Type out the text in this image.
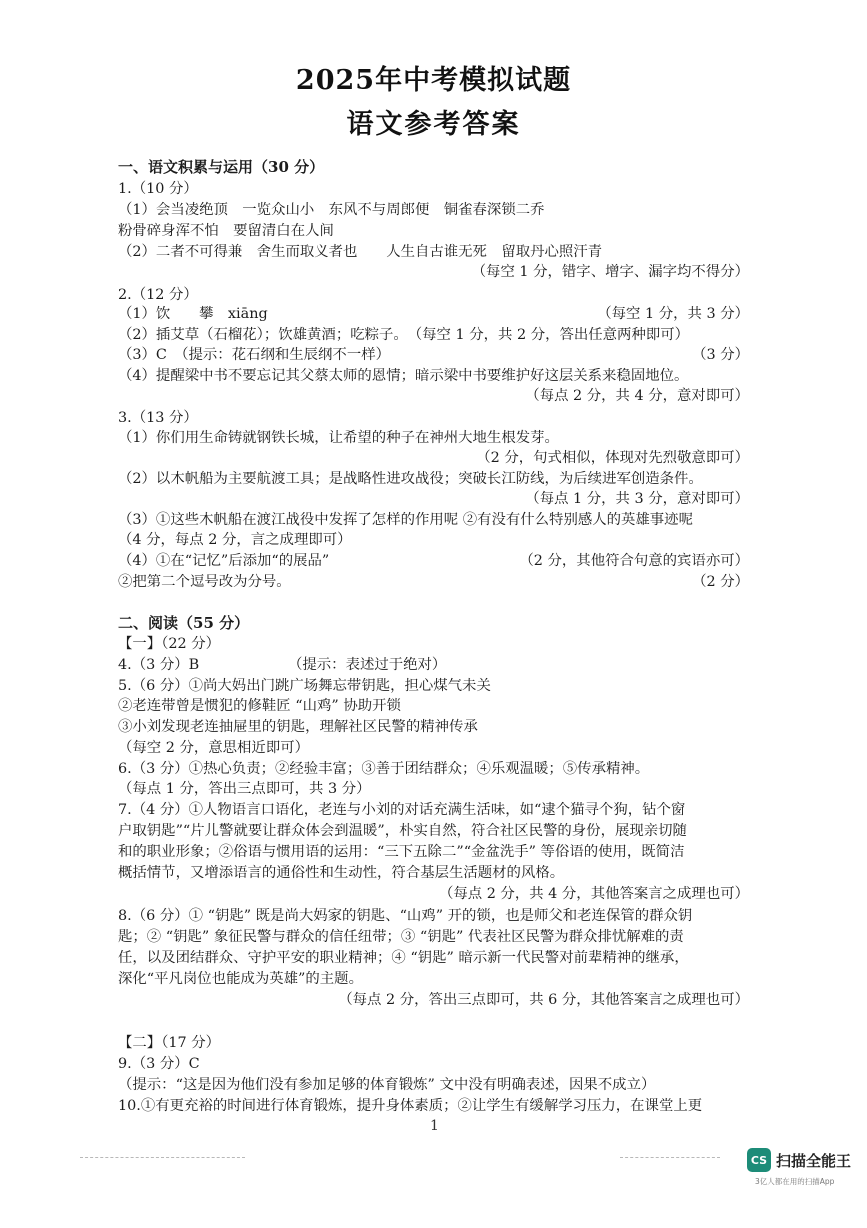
2025年中考模拟试题
语文参考答案
一、语文积累与运用（30 分）
1.（10 分）
（1）会当凌绝顶　一览众山小　东风不与周郎便　铜雀春深锁二乔
粉骨碎身浑不怕　要留清白在人间
（2）二者不可得兼　舍生而取义者也　　人生自古谁无死　留取丹心照汗青
（每空 1 分，错字、增字、漏字均不得分）
2.（12 分）
（1）饮　　攀　xiāng	（每空 1 分，共 3 分）
（2）插艾草（石榴花）；饮雄黄酒；吃粽子。　（每空 1 分，共 2 分，答出任意两种即可）
（3）C　（提示：花石纲和生辰纲不一样）	（3 分）
（4）提醒梁中书不要忘记其父蔡太师的恩情；暗示梁中书要维护好这层关系来稳固地位。
（每点 2 分，共 4 分，意对即可）
3.（13 分）
（1）你们用生命铸就钢铁长城，让希望的种子在神州大地生根发芽。
（2 分，句式相似，体现对先烈敬意即可）
（2）以木帆船为主要航渡工具；是战略性进攻战役；突破长江防线，为后续进军创造条件。
（每点 1 分，共 3 分，意对即可）
（3）①这些木帆船在渡江战役中发挥了怎样的作用呢 ②有没有什么特别感人的英雄事迹呢
（4 分，每点 2 分，言之成理即可）
（4）①在“记忆”后添加“的展品”	（2 分，其他符合句意的宾语亦可）
②把第二个逗号改为分号。	（2 分）
二、阅读（55 分）
【一】（22 分）
4.（3 分）B	（提示：表述过于绝对）
5.（6 分）①尚大妈出门跳广场舞忘带钥匙，担心煤气未关
②老连带曾是惯犯的修鞋匠 “山鸡” 协助开锁
③小刘发现老连抽屉里的钥匙，理解社区民警的精神传承
（每空 2 分，意思相近即可）
6.（3 分）①热心负责；②经验丰富；③善于团结群众；④乐观温暖；⑤传承精神。
（每点 1 分，答出三点即可，共 3 分）
7.（4 分）①人物语言口语化，老连与小刘的对话充满生活味，如“逮个猫寻个狗，钻个窗
户取钥匙”“片儿警就要让群众体会到温暖”，朴实自然，符合社区民警的身份，展现亲切随
和的职业形象；②俗语与惯用语的运用：“三下五除二”“金盆洗手” 等俗语的使用，既简洁
概括情节，又增添语言的通俗性和生动性，符合基层生活题材的风格。
（每点 2 分，共 4 分，其他答案言之成理也可）
8.（6 分）① “钥匙” 既是尚大妈家的钥匙、“山鸡” 开的锁，也是师父和老连保管的群众钥
匙；② “钥匙” 象征民警与群众的信任纽带；③ “钥匙” 代表社区民警为群众排忧解难的责
任，以及团结群众、守护平安的职业精神；④ “钥匙” 暗示新一代民警对前辈精神的继承，
深化“平凡岗位也能成为英雄”的主题。
（每点 2 分，答出三点即可，共 6 分，其他答案言之成理也可）
【二】（17 分）
9.（3 分）C
（提示：“这是因为他们没有参加足够的体育锻炼” 文中没有明确表述，因果不成立）
10.①有更充裕的时间进行体育锻炼，提升身体素质；②让学生有缓解学习压力，在课堂上更
1
CS 扫描全能王
3亿人都在用的扫描App
